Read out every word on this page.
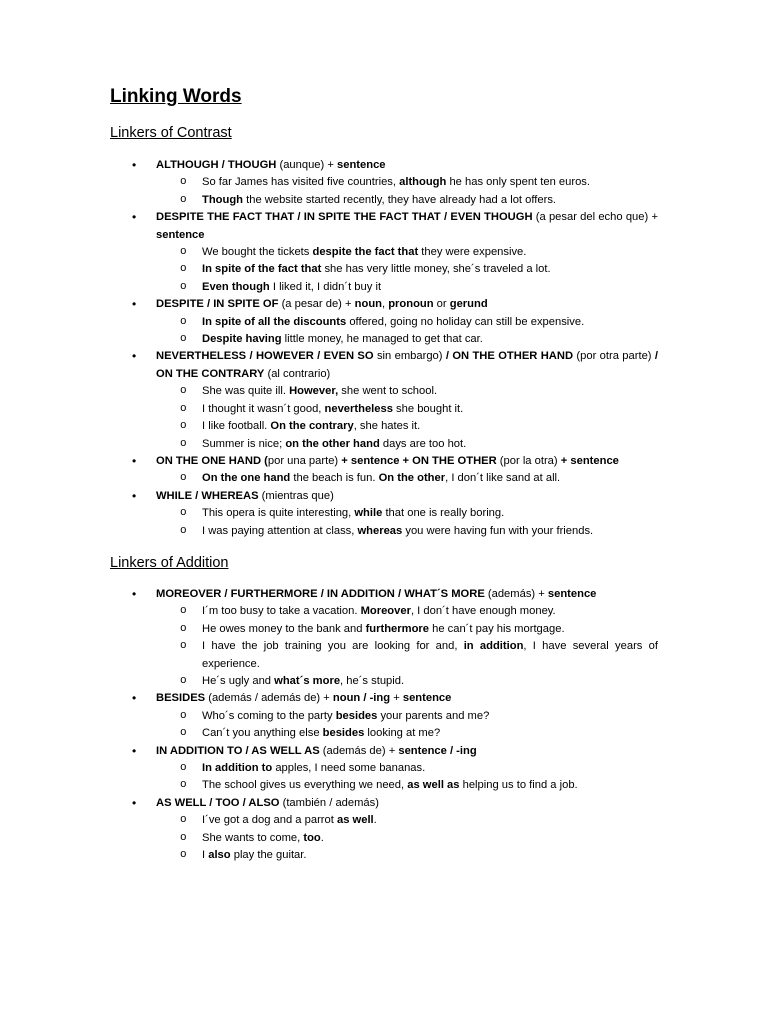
Linking Words
Linkers of Contrast
• ALTHOUGH / THOUGH (aunque) + sentence
o So far James has visited five countries, although he has only spent ten euros.
o Though the website started recently, they have already had a lot offers.
• DESPITE THE FACT THAT / IN SPITE THE FACT THAT / EVEN THOUGH (a pesar del echo que) + sentence
o We bought the tickets despite the fact that they were expensive.
o In spite of the fact that she has very little money, she´s traveled a lot.
o Even though I liked it, I didn´t buy it
• DESPITE / IN SPITE OF (a pesar de) + noun, pronoun or gerund
o In spite of all the discounts offered, going no holiday can still be expensive.
o Despite having little money, he managed to get that car.
• NEVERTHELESS / HOWEVER / EVEN SO sin embargo) / ON THE OTHER HAND (por otra parte) / ON THE CONTRARY (al contrario)
o She was quite ill. However, she went to school.
o I thought it wasn´t good, nevertheless she bought it.
o I like football. On the contrary, she hates it.
o Summer is nice; on the other hand days are too hot.
• ON THE ONE HAND (por una parte) + sentence + ON THE OTHER (por la otra) + sentence
o On the one hand the beach is fun. On the other, I don´t like sand at all.
• WHILE / WHEREAS (mientras que)
o This opera is quite interesting, while that one is really boring.
o I was paying attention at class, whereas you were having fun with your friends.
Linkers of Addition
• MOREOVER / FURTHERMORE / IN ADDITION / WHAT´S MORE (además) + sentence
o I´m too busy to take a vacation. Moreover, I don´t have enough money.
o He owes money to the bank and furthermore he can´t pay his mortgage.
o I have the job training you are looking for and, in addition, I have several years of experience.
o He´s ugly and what´s more, he´s stupid.
• BESIDES (además / además de) + noun / -ing + sentence
o Who´s coming to the party besides your parents and me?
o Can´t you anything else besides looking at me?
• IN ADDITION TO / AS WELL AS (además de) + sentence / -ing
o In addition to apples, I need some bananas.
o The school gives us everything we need, as well as helping us to find a job.
• AS WELL / TOO / ALSO (también / además)
o I´ve got a dog and a parrot as well.
o She wants to come, too.
o I also play the guitar.
